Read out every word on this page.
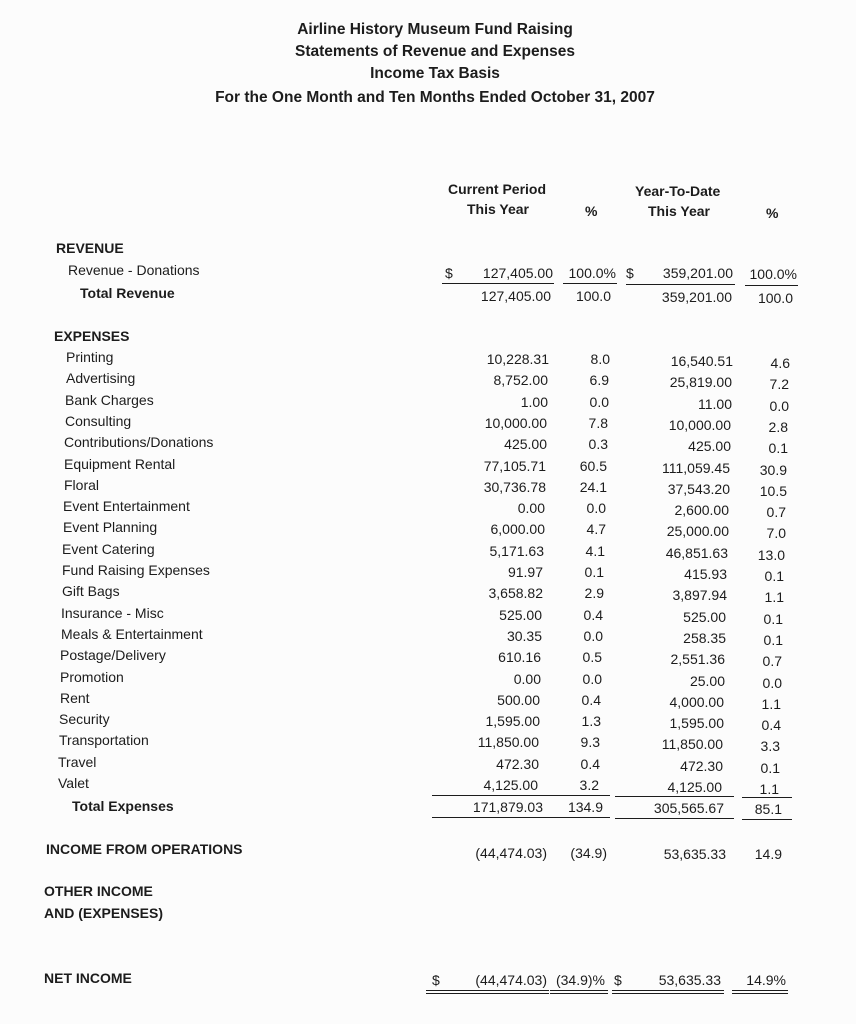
Airline History Museum Fund Raising
Statements of Revenue and Expenses
Income Tax Basis
For the One Month and Ten Months Ended October 31, 2007
Current Period
This Year	%
Year-To-Date
This Year	%
REVENUE
Revenue - Donations	$	127,405.00	100.0% $	359,201.00	100.0%
Total Revenue	127,405.00	100.0	359,201.00	100.0
EXPENSES
Printing	10,228.31	8.0	16,540.51	4.6
Advertising	8,752.00	6.9	25,819.00	7.2
Bank Charges	1.00	0.0	11.00	0.0
Consulting	10,000.00	7.8	10,000.00	2.8
Contributions/Donations	425.00	0.3	425.00	0.1
Equipment Rental	77,105.71	60.5	111,059.45	30.9
Floral	30,736.78	24.1	37,543.20	10.5
Event Entertainment	0.00	0.0	2,600.00	0.7
Event Planning	6,000.00	4.7	25,000.00	7.0
Event Catering	5,171.63	4.1	46,851.63	13.0
Fund Raising Expenses	91.97	0.1	415.93	0.1
Gift Bags	3,658.82	2.9	3,897.94	1.1
Insurance - Misc	525.00	0.4	525.00	0.1
Meals & Entertainment	30.35	0.0	258.35	0.1
Postage/Delivery	610.16	0.5	2,551.36	0.7
Promotion	0.00	0.0	25.00	0.0
Rent	500.00	0.4	4,000.00	1.1
Security	1,595.00	1.3	1,595.00	0.4
Transportation	11,850.00	9.3	11,850.00	3.3
Travel	472.30	0.4	472.30	0.1
Valet	4,125.00	3.2	4,125.00	1.1
Total Expenses	171,879.03	134.9	305,565.67	85.1
INCOME FROM OPERATIONS	(44,474.03)	(34.9)	53,635.33	14.9
OTHER INCOME
AND (EXPENSES)
NET INCOME	$	(44,474.03) (34.9)% $	53,635.33	14.9%
